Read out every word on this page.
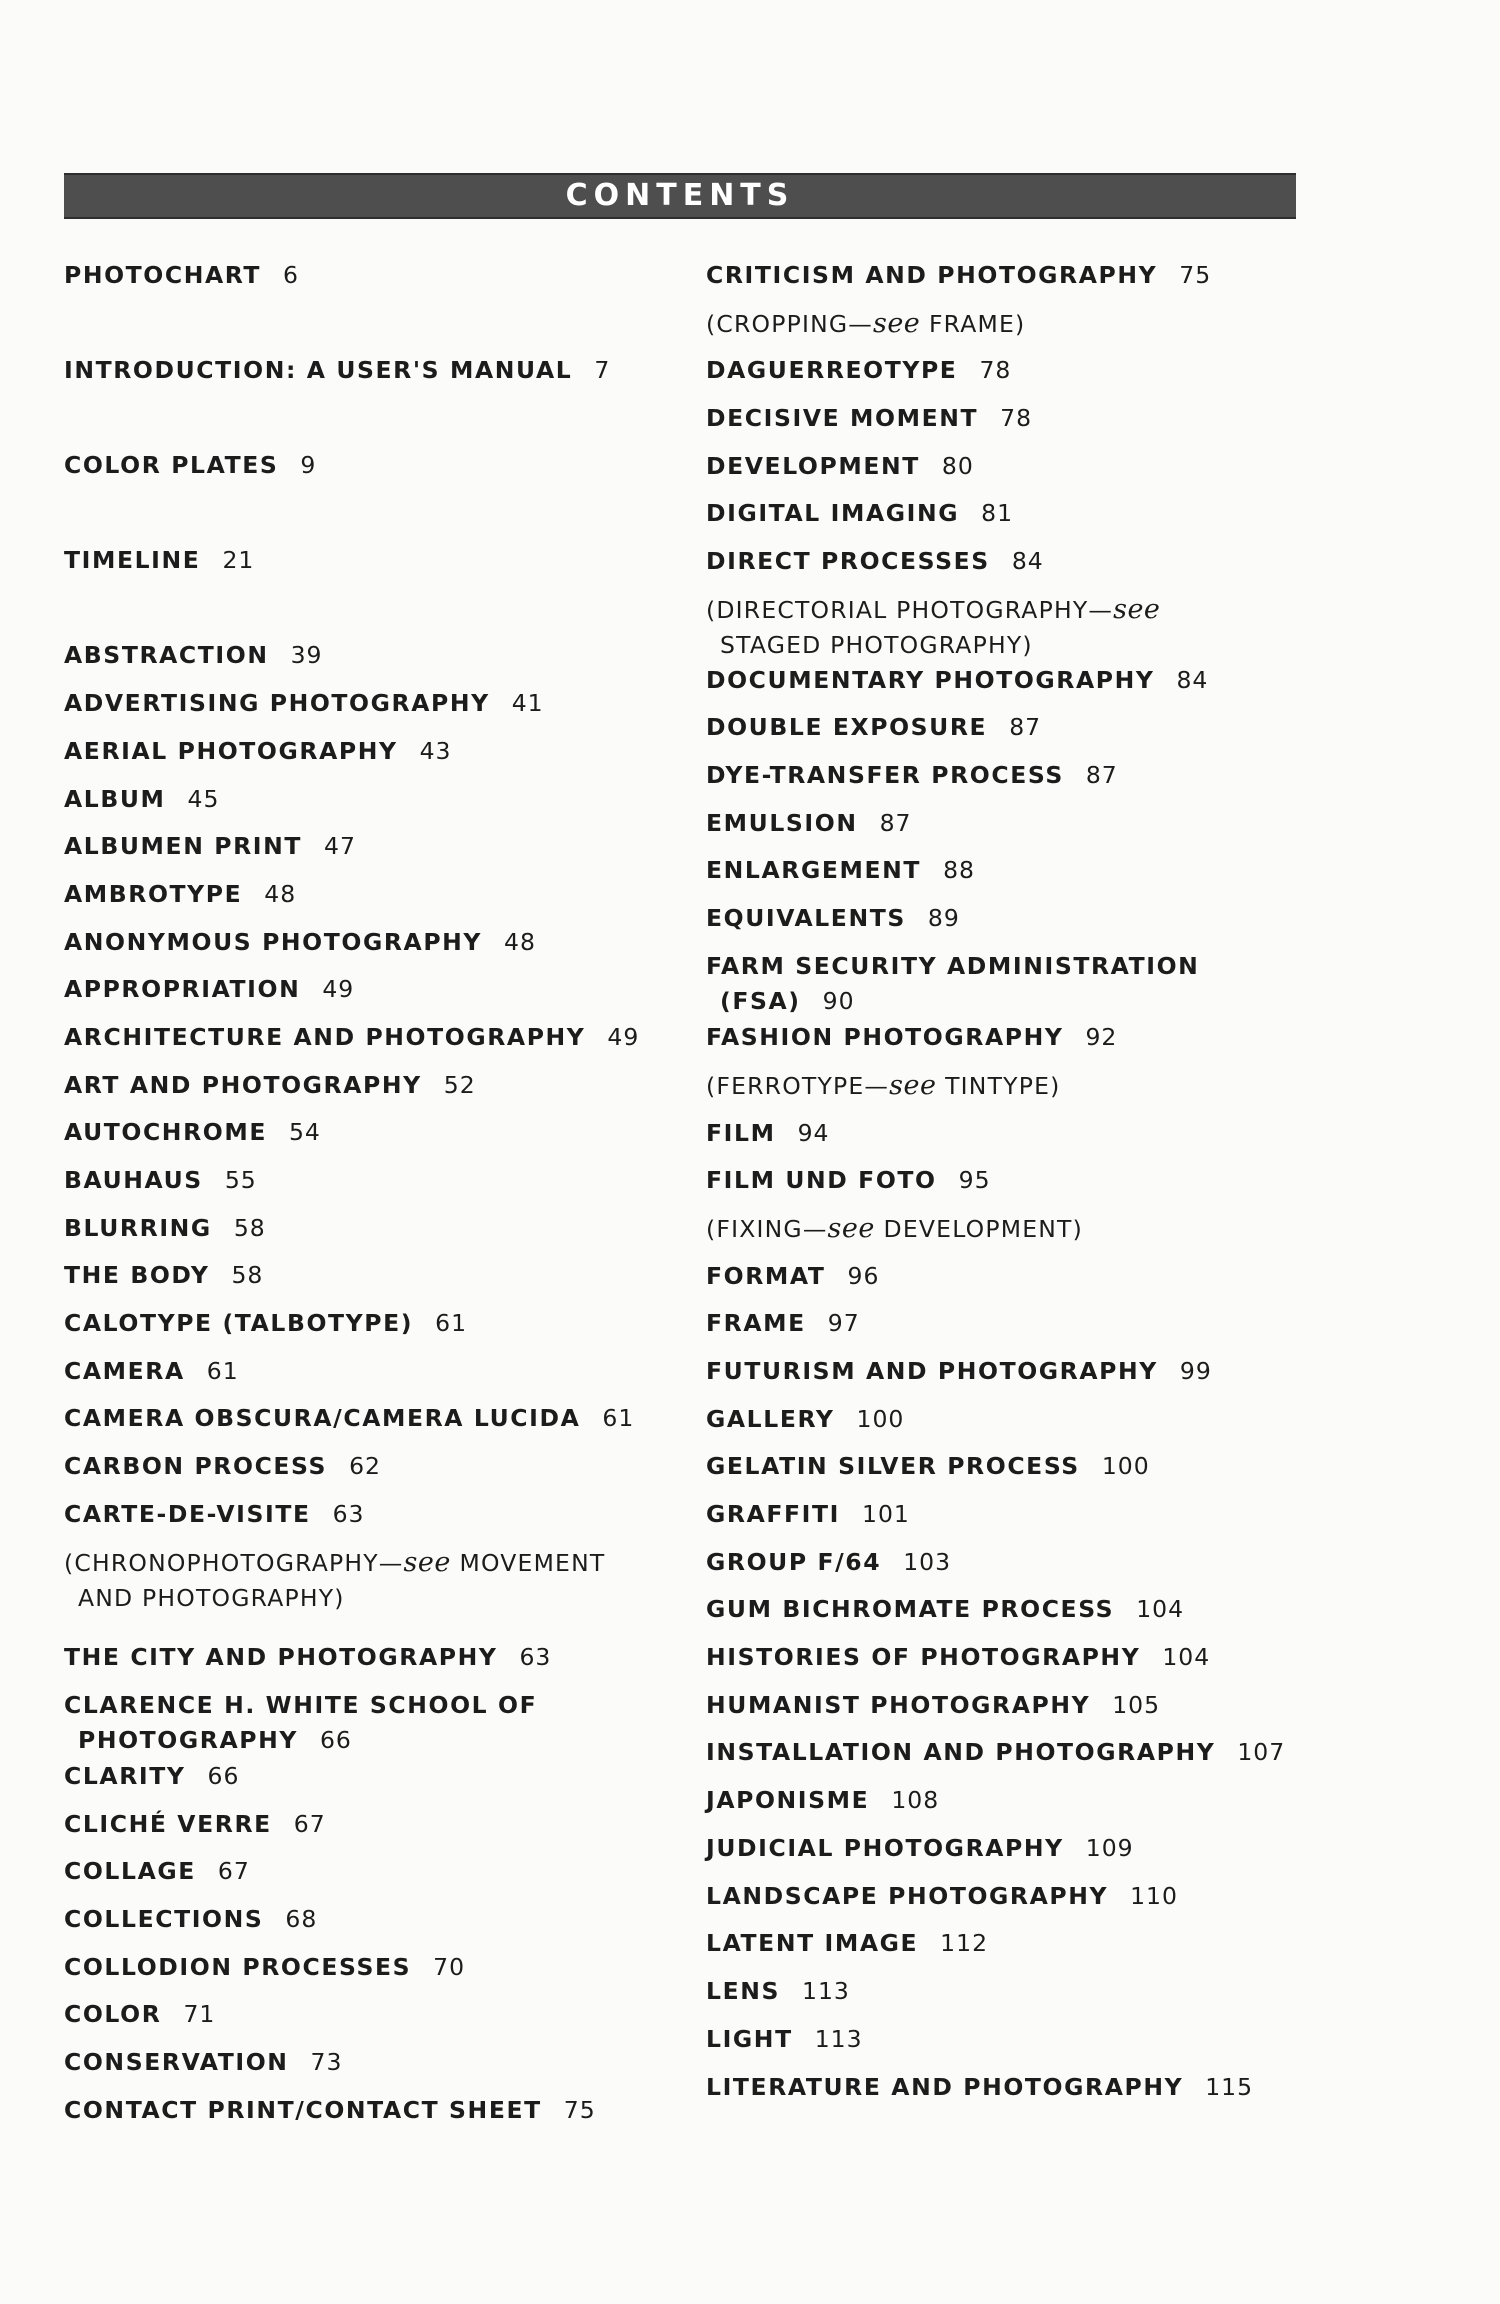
CONTENTS
PHOTOCHART 6
INTRODUCTION: A USER'S MANUAL 7
COLOR PLATES 9
TIMELINE 21
ABSTRACTION 39
ADVERTISING PHOTOGRAPHY 41
AERIAL PHOTOGRAPHY 43
ALBUM 45
ALBUMEN PRINT 47
AMBROTYPE 48
ANONYMOUS PHOTOGRAPHY 48
APPROPRIATION 49
ARCHITECTURE AND PHOTOGRAPHY 49
ART AND PHOTOGRAPHY 52
AUTOCHROME 54
BAUHAUS 55
BLURRING 58
THE BODY 58
CALOTYPE (TALBOTYPE) 61
CAMERA 61
CAMERA OBSCURA/CAMERA LUCIDA 61
CARBON PROCESS 62
CARTE-DE-VISITE 63
(CHRONOPHOTOGRAPHY—see MOVEMENT
AND PHOTOGRAPHY)
THE CITY AND PHOTOGRAPHY 63
CLARENCE H. WHITE SCHOOL OF
PHOTOGRAPHY 66
CLARITY 66
CLICHÉ VERRE 67
COLLAGE 67
COLLECTIONS 68
COLLODION PROCESSES 70
COLOR 71
CONSERVATION 73
CONTACT PRINT/CONTACT SHEET 75
CRITICISM AND PHOTOGRAPHY 75
(CROPPING—see FRAME)
DAGUERREOTYPE 78
DECISIVE MOMENT 78
DEVELOPMENT 80
DIGITAL IMAGING 81
DIRECT PROCESSES 84
(DIRECTORIAL PHOTOGRAPHY—see
STAGED PHOTOGRAPHY)
DOCUMENTARY PHOTOGRAPHY 84
DOUBLE EXPOSURE 87
DYE-TRANSFER PROCESS 87
EMULSION 87
ENLARGEMENT 88
EQUIVALENTS 89
FARM SECURITY ADMINISTRATION
(FSA) 90
FASHION PHOTOGRAPHY 92
(FERROTYPE—see TINTYPE)
FILM 94
FILM UND FOTO 95
(FIXING—see DEVELOPMENT)
FORMAT 96
FRAME 97
FUTURISM AND PHOTOGRAPHY 99
GALLERY 100
GELATIN SILVER PROCESS 100
GRAFFITI 101
GROUP F/64 103
GUM BICHROMATE PROCESS 104
HISTORIES OF PHOTOGRAPHY 104
HUMANIST PHOTOGRAPHY 105
INSTALLATION AND PHOTOGRAPHY 107
JAPONISME 108
JUDICIAL PHOTOGRAPHY 109
LANDSCAPE PHOTOGRAPHY 110
LATENT IMAGE 112
LENS 113
LIGHT 113
LITERATURE AND PHOTOGRAPHY 115
